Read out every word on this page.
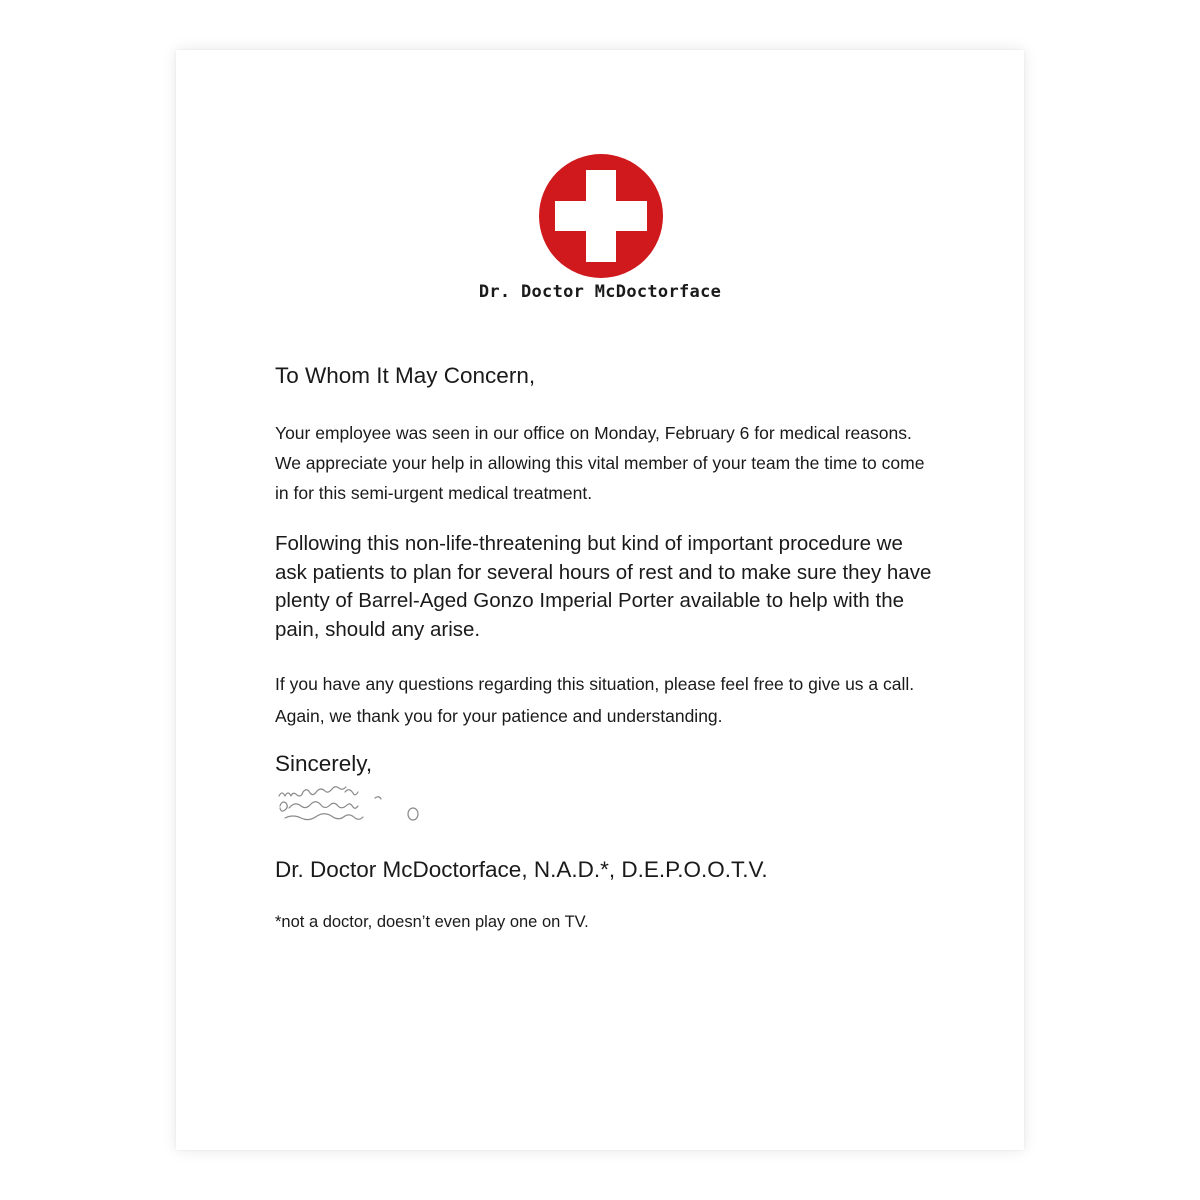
Dr. Doctor McDoctorface

To Whom It May Concern,

Your employee was seen in our office on Monday, February 6 for medical reasons. We appreciate your help in allowing this vital member of your team the time to come in for this semi-urgent medical treatment.

Following this non-life-threatening but kind of important procedure we ask patients to plan for several hours of rest and to make sure they have plenty of Barrel-Aged Gonzo Imperial Porter available to help with the pain, should any arise.

If you have any questions regarding this situation, please feel free to give us a call. Again, we thank you for your patience and understanding.

Sincerely,

Dr. Doctor McDoctorface, N.A.D.*, D.E.P.O.O.T.V.

*not a doctor, doesn’t even play one on TV.
